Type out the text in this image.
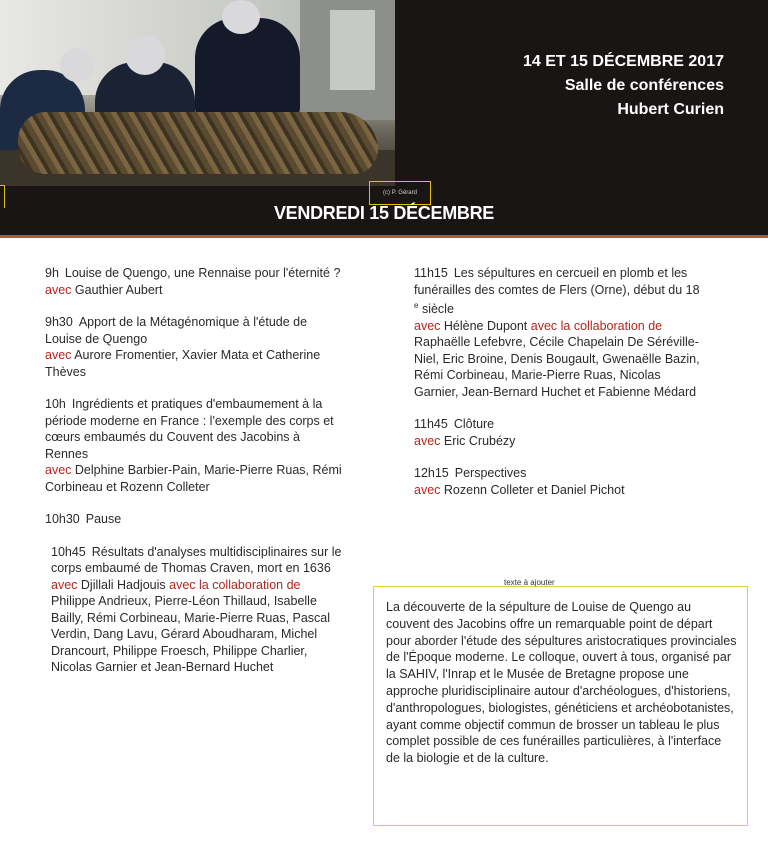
(c) P. Gérard
14 ET 15 DÉCEMBRE 2017
Salle de conférences
Hubert Curien
VENDREDI 15 DÉCEMBRE
9h Louise de Quengo, une Rennaise pour l'éternité ?
avec Gauthier Aubert
9h30 Apport de la Métagénomique à l'étude de Louise de Quengo
avec Aurore Fromentier, Xavier Mata et Catherine Thèves
10h Ingrédients et pratiques d'embaumement à la période moderne en France : l'exemple des corps et cœurs embaumés du Couvent des Jacobins à Rennes
avec Delphine Barbier-Pain, Marie-Pierre Ruas, Rémi Corbineau et Rozenn Colleter
10h30 Pause
10h45 Résultats d'analyses multidisciplinaires sur le corps embaumé de Thomas Craven, mort en 1636
avec Djillali Hadjouis avec la collaboration de Philippe Andrieux, Pierre-Léon Thillaud, Isabelle Bailly, Rémi Corbineau, Marie-Pierre Ruas, Pascal Verdin, Dang Lavu, Gérard Aboudharam, Michel Drancourt, Philippe Froesch, Philippe Charlier, Nicolas Garnier et Jean-Bernard Huchet
11h15 Les sépultures en cercueil en plomb et les funérailles des comtes de Flers (Orne), début du 18 $^e$ siècle
avec Hélène Dupont avec la collaboration de Raphaëlle Lefebvre, Cécile Chapelain De Séréville-Niel, Eric Broine, Denis Bougault, Gwenaëlle Bazin, Rémi Corbineau, Marie-Pierre Ruas, Nicolas Garnier, Jean-Bernard Huchet et Fabienne Médard
11h45 Clôture
avec Eric Crubézy
12h15 Perspectives
avec Rozenn Colleter et Daniel Pichot
texte à ajouter
La découverte de la sépulture de Louise de Quengo au couvent des Jacobins offre un remarquable point de départ pour aborder l'étude des sépultures aristocratiques provinciales de l'Époque moderne. Le colloque, ouvert à tous, organisé par la SAHIV, l'Inrap et le Musée de Bretagne propose une approche pluridisciplinaire autour d'archéologues, d'historiens, d'anthropologues, biologistes, généticiens et archéobotanistes, ayant comme objectif commun de brosser un tableau le plus complet possible de ces funérailles particulières, à l'interface de la biologie et de la culture.
